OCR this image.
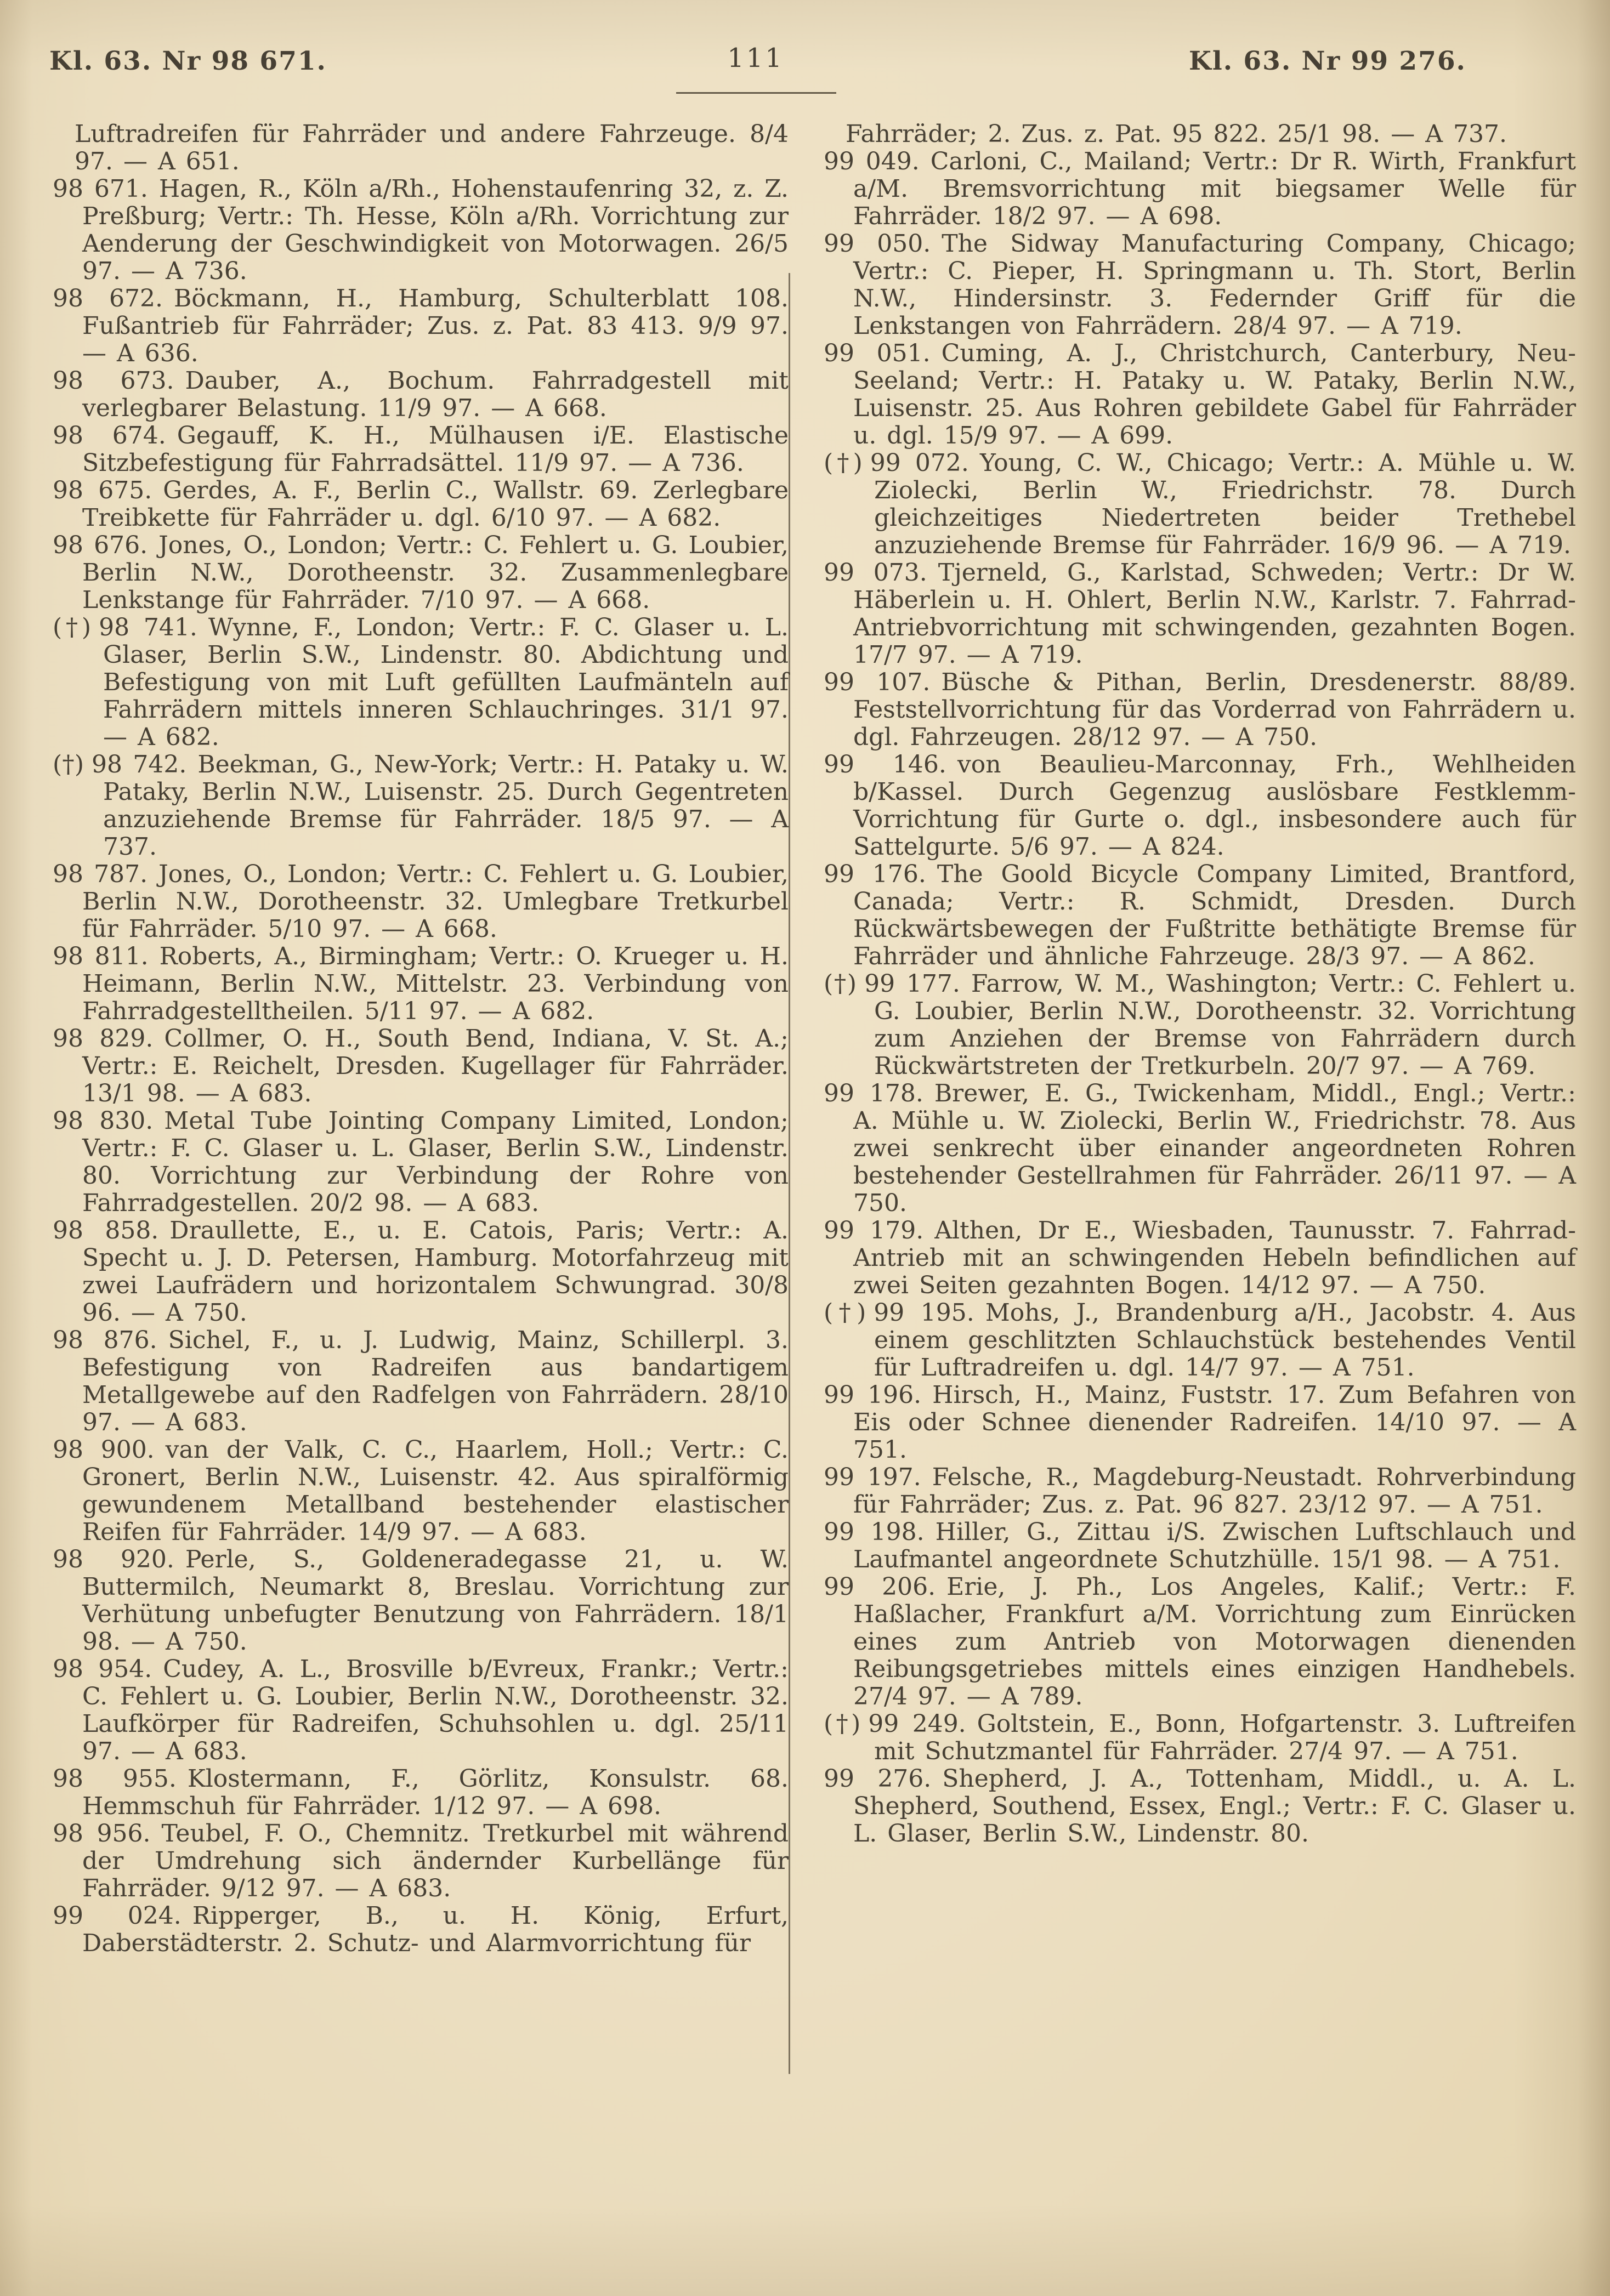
Kl. 63. Nr 98 671.	111	Kl. 63. Nr 99 276.

Luftradreifen für Fahrräder und andere Fahrzeuge. 8/4 97. — A 651.

98 671. Hagen, R., Köln a/Rh., Hohenstaufenring 32, z. Z. Preßburg; Vertr.: Th. Hesse, Köln a/Rh. Vorrichtung zur Aenderung der Geschwindigkeit von Motorwagen. 26/5 97. — A 736.

98 672. Böckmann, H., Hamburg, Schulterblatt 108. Fußantrieb für Fahrräder; Zus. z. Pat. 83 413. 9/9 97. — A 636.

98 673. Dauber, A., Bochum. Fahrradgestell mit verlegbarer Belastung. 11/9 97. — A 668.

98 674. Gegauff, K. H., Mülhausen i/E. Elastische Sitzbefestigung für Fahrradsättel. 11/9 97. — A 736.

98 675. Gerdes, A. F., Berlin C., Wallstr. 69. Zerlegbare Treibkette für Fahrräder u. dgl. 6/10 97. — A 682.

98 676. Jones, O., London; Vertr.: C. Fehlert u. G. Loubier, Berlin N.W., Dorotheenstr. 32. Zusammenlegbare Lenkstange für Fahrräder. 7/10 97. — A 668.

(†) 98 741. Wynne, F., London; Vertr.: F. C. Glaser u. L. Glaser, Berlin S.W., Lindenstr. 80. Abdichtung und Befestigung von mit Luft gefüllten Laufmänteln auf Fahrrädern mittels inneren Schlauchringes. 31/1 97. — A 682.

(†) 98 742. Beekman, G., New-York; Vertr.: H. Pataky u. W. Pataky, Berlin N.W., Luisenstr. 25. Durch Gegentreten anzuziehende Bremse für Fahrräder. 18/5 97. — A 737.

98 787. Jones, O., London; Vertr.: C. Fehlert u. G. Loubier, Berlin N.W., Dorotheenstr. 32. Umlegbare Tretkurbel für Fahrräder. 5/10 97. — A 668.

98 811. Roberts, A., Birmingham; Vertr.: O. Krueger u. H. Heimann, Berlin N.W., Mittelstr. 23. Verbindung von Fahrradgestelltheilen. 5/11 97. — A 682.

98 829. Collmer, O. H., South Bend, Indiana, V. St. A.; Vertr.: E. Reichelt, Dresden. Kugellager für Fahrräder. 13/1 98. — A 683.

98 830. Metal Tube Jointing Company Limited, London; Vertr.: F. C. Glaser u. L. Glaser, Berlin S.W., Lindenstr. 80. Vorrichtung zur Verbindung der Rohre von Fahrradgestellen. 20/2 98. — A 683.

98 858. Draullette, E., u. E. Catois, Paris; Vertr.: A. Specht u. J. D. Petersen, Hamburg. Motorfahrzeug mit zwei Laufrädern und horizontalem Schwungrad. 30/8 96. — A 750.

98 876. Sichel, F., u. J. Ludwig, Mainz, Schillerpl. 3. Befestigung von Radreifen aus bandartigem Metallgewebe auf den Radfelgen von Fahrrädern. 28/10 97. — A 683.

98 900. van der Valk, C. C., Haarlem, Holl.; Vertr.: C. Gronert, Berlin N.W., Luisenstr. 42. Aus spiralförmig gewundenem Metallband bestehender elastischer Reifen für Fahrräder. 14/9 97. — A 683.

98 920. Perle, S., Goldeneradegasse 21, u. W. Buttermilch, Neumarkt 8, Breslau. Vorrichtung zur Verhütung unbefugter Benutzung von Fahrrädern. 18/1 98. — A 750.

98 954. Cudey, A. L., Brosville b/Evreux, Frankr.; Vertr.: C. Fehlert u. G. Loubier, Berlin N.W., Dorotheenstr. 32. Laufkörper für Radreifen, Schuhsohlen u. dgl. 25/11 97. — A 683.

98 955. Klostermann, F., Görlitz, Konsulstr. 68. Hemmschuh für Fahrräder. 1/12 97. — A 698.

98 956. Teubel, F. O., Chemnitz. Tretkurbel mit während der Umdrehung sich ändernder Kurbellänge für Fahrräder. 9/12 97. — A 683.

99 024. Ripperger, B., u. H. König, Erfurt, Daberstädterstr. 2. Schutz- und Alarmvorrichtung für

Fahrräder; 2. Zus. z. Pat. 95 822. 25/1 98. — A 737.

99 049. Carloni, C., Mailand; Vertr.: Dr R. Wirth, Frankfurt a/M. Bremsvorrichtung mit biegsamer Welle für Fahrräder. 18/2 97. — A 698.

99 050. The Sidway Manufacturing Company, Chicago; Vertr.: C. Pieper, H. Springmann u. Th. Stort, Berlin N.W., Hindersinstr. 3. Federnder Griff für die Lenkstangen von Fahrrädern. 28/4 97. — A 719.

99 051. Cuming, A. J., Christchurch, Canterbury, Neu-Seeland; Vertr.: H. Pataky u. W. Pataky, Berlin N.W., Luisenstr. 25. Aus Rohren gebildete Gabel für Fahrräder u. dgl. 15/9 97. — A 699.

(†) 99 072. Young, C. W., Chicago; Vertr.: A. Mühle u. W. Ziolecki, Berlin W., Friedrichstr. 78. Durch gleichzeitiges Niedertreten beider Trethebel anzuziehende Bremse für Fahrräder. 16/9 96. — A 719.

99 073. Tjerneld, G., Karlstad, Schweden; Vertr.: Dr W. Häberlein u. H. Ohlert, Berlin N.W., Karlstr. 7. Fahrrad-Antriebvorrichtung mit schwingenden, gezahnten Bogen. 17/7 97. — A 719.

99 107. Büsche & Pithan, Berlin, Dresdenerstr. 88/89. Feststellvorrichtung für das Vorderrad von Fahrrädern u. dgl. Fahrzeugen. 28/12 97. — A 750.

99 146. von Beaulieu-Marconnay, Frh., Wehlheiden b/Kassel. Durch Gegenzug auslösbare Festklemm-Vorrichtung für Gurte o. dgl., insbesondere auch für Sattelgurte. 5/6 97. — A 824.

99 176. The Goold Bicycle Company Limited, Brantford, Canada; Vertr.: R. Schmidt, Dresden. Durch Rückwärtsbewegen der Fußtritte bethätigte Bremse für Fahrräder und ähnliche Fahrzeuge. 28/3 97. — A 862.

(†) 99 177. Farrow, W. M., Washington; Vertr.: C. Fehlert u. G. Loubier, Berlin N.W., Dorotheenstr. 32. Vorrichtung zum Anziehen der Bremse von Fahrrädern durch Rückwärtstreten der Tretkurbeln. 20/7 97. — A 769.

99 178. Brewer, E. G., Twickenham, Middl., Engl.; Vertr.: A. Mühle u. W. Ziolecki, Berlin W., Friedrichstr. 78. Aus zwei senkrecht über einander angeordneten Rohren bestehender Gestellrahmen für Fahrräder. 26/11 97. — A 750.

99 179. Althen, Dr E., Wiesbaden, Taunusstr. 7. Fahrrad-Antrieb mit an schwingenden Hebeln befindlichen auf zwei Seiten gezahnten Bogen. 14/12 97. — A 750.

(†) 99 195. Mohs, J., Brandenburg a/H., Jacobstr. 4. Aus einem geschlitzten Schlauchstück bestehendes Ventil für Luftradreifen u. dgl. 14/7 97. — A 751.

99 196. Hirsch, H., Mainz, Fuststr. 17. Zum Befahren von Eis oder Schnee dienender Radreifen. 14/10 97. — A 751.

99 197. Felsche, R., Magdeburg-Neustadt. Rohrverbindung für Fahrräder; Zus. z. Pat. 96 827. 23/12 97. — A 751.

99 198. Hiller, G., Zittau i/S. Zwischen Luftschlauch und Laufmantel angeordnete Schutzhülle. 15/1 98. — A 751.

99 206. Erie, J. Ph., Los Angeles, Kalif.; Vertr.: F. Haßlacher, Frankfurt a/M. Vorrichtung zum Einrücken eines zum Antrieb von Motorwagen dienenden Reibungsgetriebes mittels eines einzigen Handhebels. 27/4 97. — A 789.

(†) 99 249. Goltstein, E., Bonn, Hofgartenstr. 3. Luftreifen mit Schutzmantel für Fahrräder. 27/4 97. — A 751.

99 276. Shepherd, J. A., Tottenham, Middl., u. A. L. Shepherd, Southend, Essex, Engl.; Vertr.: F. C. Glaser u. L. Glaser, Berlin S.W., Lindenstr. 80.
